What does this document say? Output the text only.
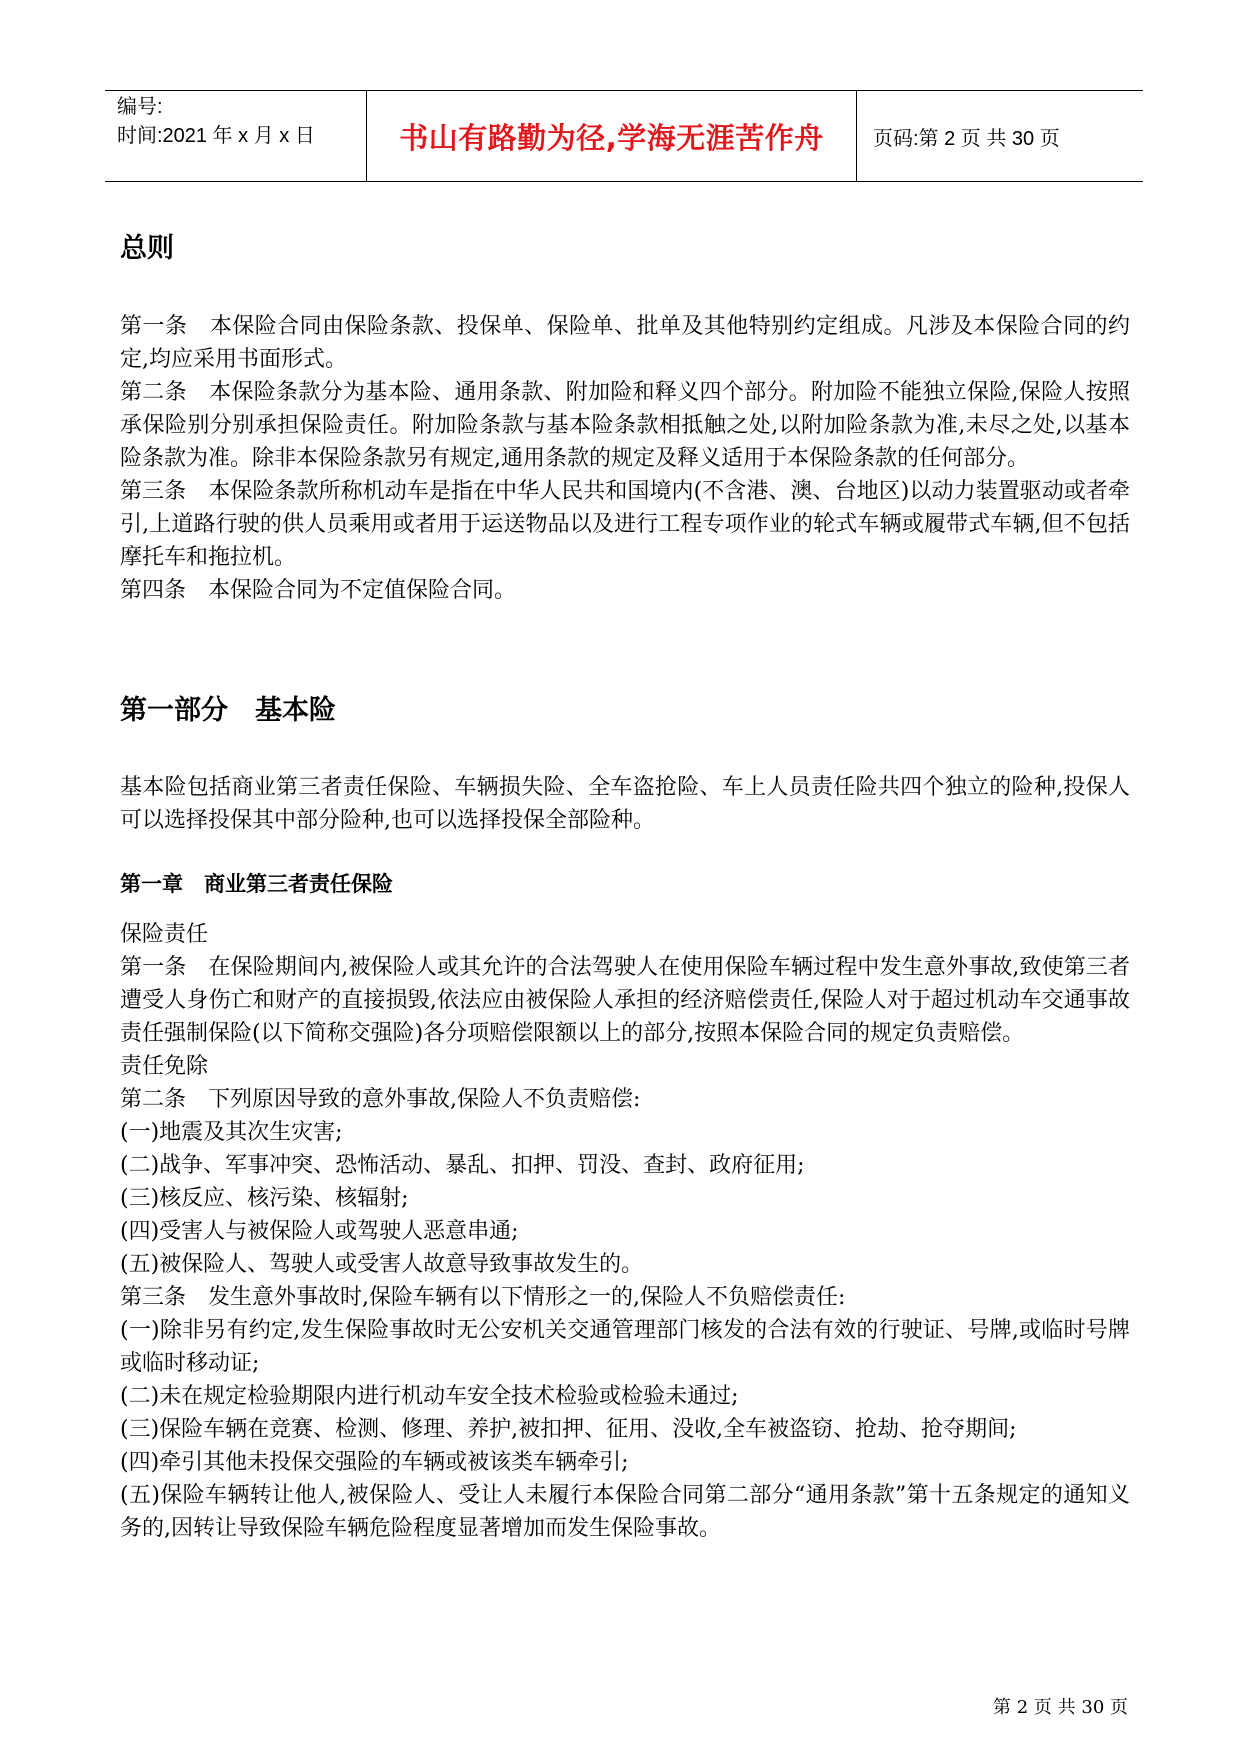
编号:
时间:2021 年 x 月 x 日	书山有路勤为径,学海无涯苦作舟	页码:第 2 页 共 30 页
总则

第一条　本保险合同由保险条款、投保单、保险单、批单及其他特别约定组成。凡涉及本保险合同的约定,均应采用书面形式。

第二条　本保险条款分为基本险、通用条款、附加险和释义四个部分。附加险不能独立保险,保险人按照承保险别分别承担保险责任。附加险条款与基本险条款相抵触之处,以附加险条款为准,未尽之处,以基本险条款为准。除非本保险条款另有规定,通用条款的规定及释义适用于本保险条款的任何部分。

第三条　本保险条款所称机动车是指在中华人民共和国境内(不含港、澳、台地区)以动力装置驱动或者牵引,上道路行驶的供人员乘用或者用于运送物品以及进行工程专项作业的轮式车辆或履带式车辆,但不包括摩托车和拖拉机。

第四条　本保险合同为不定值保险合同。

第一部分　基本险
基本险包括商业第三者责任保险、车辆损失险、全车盗抢险、车上人员责任险共四个独立的险种,投保人可以选择投保其中部分险种,也可以选择投保全部险种。
第一章　商业第三者责任保险

保险责任

第一条　在保险期间内,被保险人或其允许的合法驾驶人在使用保险车辆过程中发生意外事故,致使第三者遭受人身伤亡和财产的直接损毁,依法应由被保险人承担的经济赔偿责任,保险人对于超过机动车交通事故责任强制保险(以下简称交强险)各分项赔偿限额以上的部分,按照本保险合同的规定负责赔偿。

责任免除

第二条　下列原因导致的意外事故,保险人不负责赔偿:

(一)地震及其次生灾害;

(二)战争、军事冲突、恐怖活动、暴乱、扣押、罚没、查封、政府征用;

(三)核反应、核污染、核辐射;

(四)受害人与被保险人或驾驶人恶意串通;

(五)被保险人、驾驶人或受害人故意导致事故发生的。

第三条　发生意外事故时,保险车辆有以下情形之一的,保险人不负赔偿责任:

(一)除非另有约定,发生保险事故时无公安机关交通管理部门核发的合法有效的行驶证、号牌,或临时号牌或临时移动证;

(二)未在规定检验期限内进行机动车安全技术检验或检验未通过;

(三)保险车辆在竞赛、检测、修理、养护,被扣押、征用、没收,全车被盗窃、抢劫、抢夺期间;

(四)牵引其他未投保交强险的车辆或被该类车辆牵引;

(五)保险车辆转让他人,被保险人、受让人未履行本保险合同第二部分“通用条款”第十五条规定的通知义务的,因转让导致保险车辆危险程度显著增加而发生保险事故。

第 2 页 共 30 页
